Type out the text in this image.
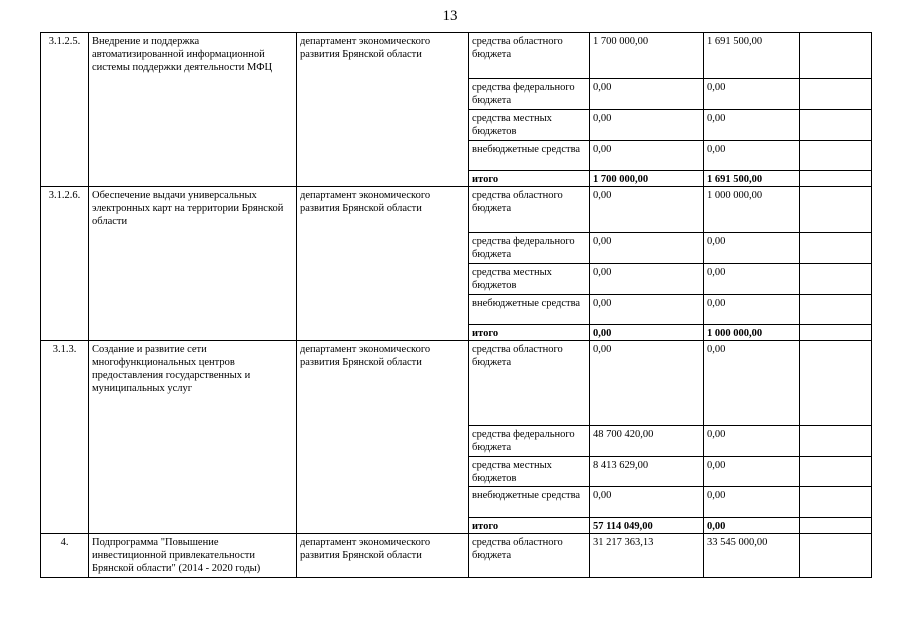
13
3.1.2.5.	Внедрение и поддержка автоматизированной информационной системы поддержки деятельности МФЦ	департамент экономического развития Брянской области	средства областного бюджета	1 700 000,00	1 691 500,00	
			средства федерального бюджета	0,00	0,00	
			средства местных бюджетов	0,00	0,00	
			внебюджетные средства	0,00	0,00	
			итого	1 700 000,00	1 691 500,00	
3.1.2.6.	Обеспечение выдачи универсальных электронных карт на территории Брянской области	департамент экономического развития Брянской области	средства областного бюджета	0,00	1 000 000,00	
			средства федерального бюджета	0,00	0,00	
			средства местных бюджетов	0,00	0,00	
			внебюджетные средства	0,00	0,00	
			итого	0,00	1 000 000,00	
3.1.3.	Создание и развитие сети многофункциональных центров предоставления государственных и муниципальных услуг	департамент экономического развития Брянской области	средства областного бюджета	0,00	0,00	
			средства федерального бюджета	48 700 420,00	0,00	
			средства местных бюджетов	8 413 629,00	0,00	
			внебюджетные средства	0,00	0,00	
			итого	57 114 049,00	0,00	
4.	Подпрограмма "Повышение инвестиционной привлекательности Брянской области" (2014 - 2020 годы)	департамент экономического развития Брянской области	средства областного бюджета	31 217 363,13	33 545 000,00	
